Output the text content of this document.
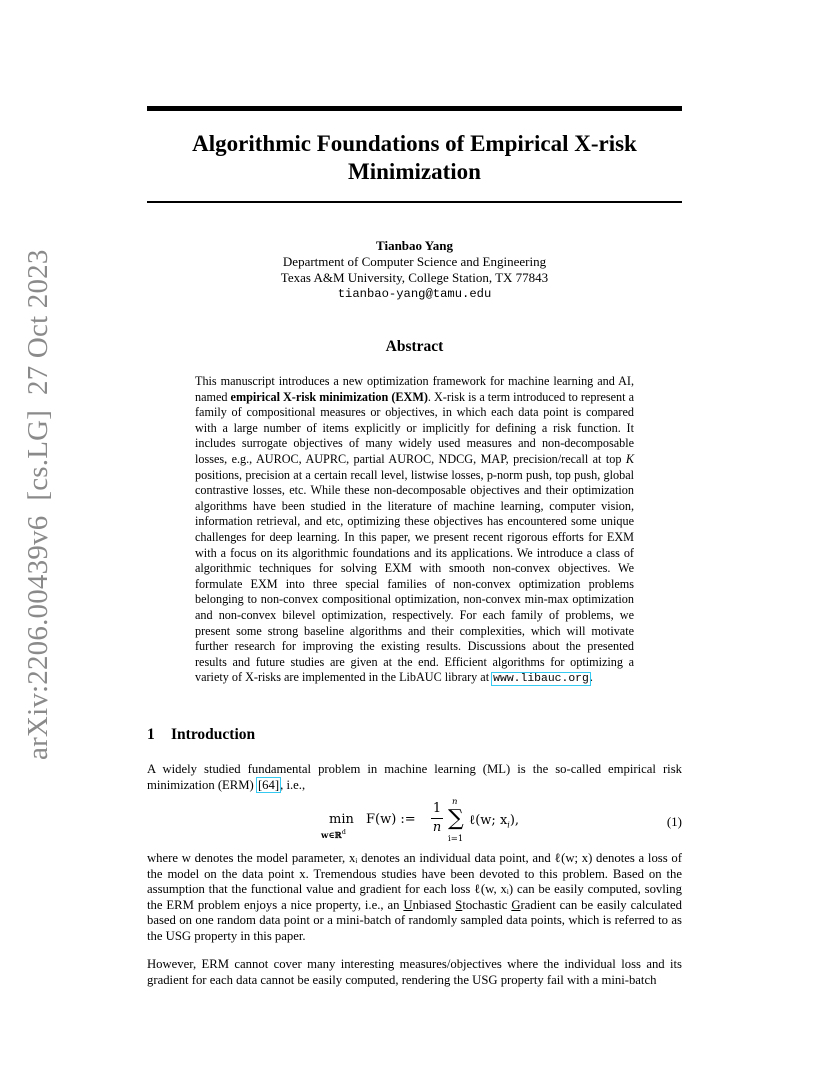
arXiv:2206.00439v6  [cs.LG]  27 Oct 2023
Algorithmic Foundations of Empirical X-risk
Minimization
Tianbao Yang
Department of Computer Science and Engineering
Texas A&M University, College Station, TX 77843
tianbao-yang@tamu.edu
Abstract
This manuscript introduces a new optimization framework for machine learning and AI, named empirical X-risk minimization (EXM). X-risk is a term introduced to represent a family of compositional measures or objectives, in which each data point is compared with a large number of items explicitly or implicitly for defining a risk function. It includes surrogate objectives of many widely used measures and non-decomposable losses, e.g., AUROC, AUPRC, partial AUROC, NDCG, MAP, precision/recall at top K positions, precision at a certain recall level, listwise losses, p-norm push, top push, global contrastive losses, etc. While these non-decomposable objectives and their optimization algorithms have been studied in the literature of machine learning, computer vision, information retrieval, and etc, optimizing these objectives has encountered some unique challenges for deep learning. In this paper, we present recent rigorous efforts for EXM with a focus on its algorithmic foundations and its applications. We introduce a class of algorithmic techniques for solving EXM with smooth non-convex objectives. We formulate EXM into three special families of non-convex optimization problems belonging to non-convex compositional optimization, non-convex min-max optimization and non-convex bilevel optimization, respectively. For each family of problems, we present some strong baseline algorithms and their complexities, which will motivate further research for improving the existing results. Discussions about the presented results and future studies are given at the end. Efficient algorithms for optimizing a variety of X-risks are implemented in the LibAUC library at www.libauc.org.
1 Introduction
A widely studied fundamental problem in machine learning (ML) is the so-called empirical risk minimization (ERM) [64], i.e.,
min
w∈ℝ$^d$
F(w) :=
1
n
n
∑
i=1
ℓ(w; $x_i$),	(1)
where w denotes the model parameter, xᵢ denotes an individual data point, and ℓ(w; x) denotes a loss of the model on the data point x. Tremendous studies have been devoted to this problem. Based on the assumption that the functional value and gradient for each loss ℓ(w, xᵢ) can be easily computed, sovling the ERM problem enjoys a nice property, i.e., an Unbiased Stochastic Gradient can be easily calculated based on one random data point or a mini-batch of randomly sampled data points, which is referred to as the USG property in this paper.
However, ERM cannot cover many interesting measures/objectives where the individual loss and its gradient for each data cannot be easily computed, rendering the USG property fail with a mini-batch
